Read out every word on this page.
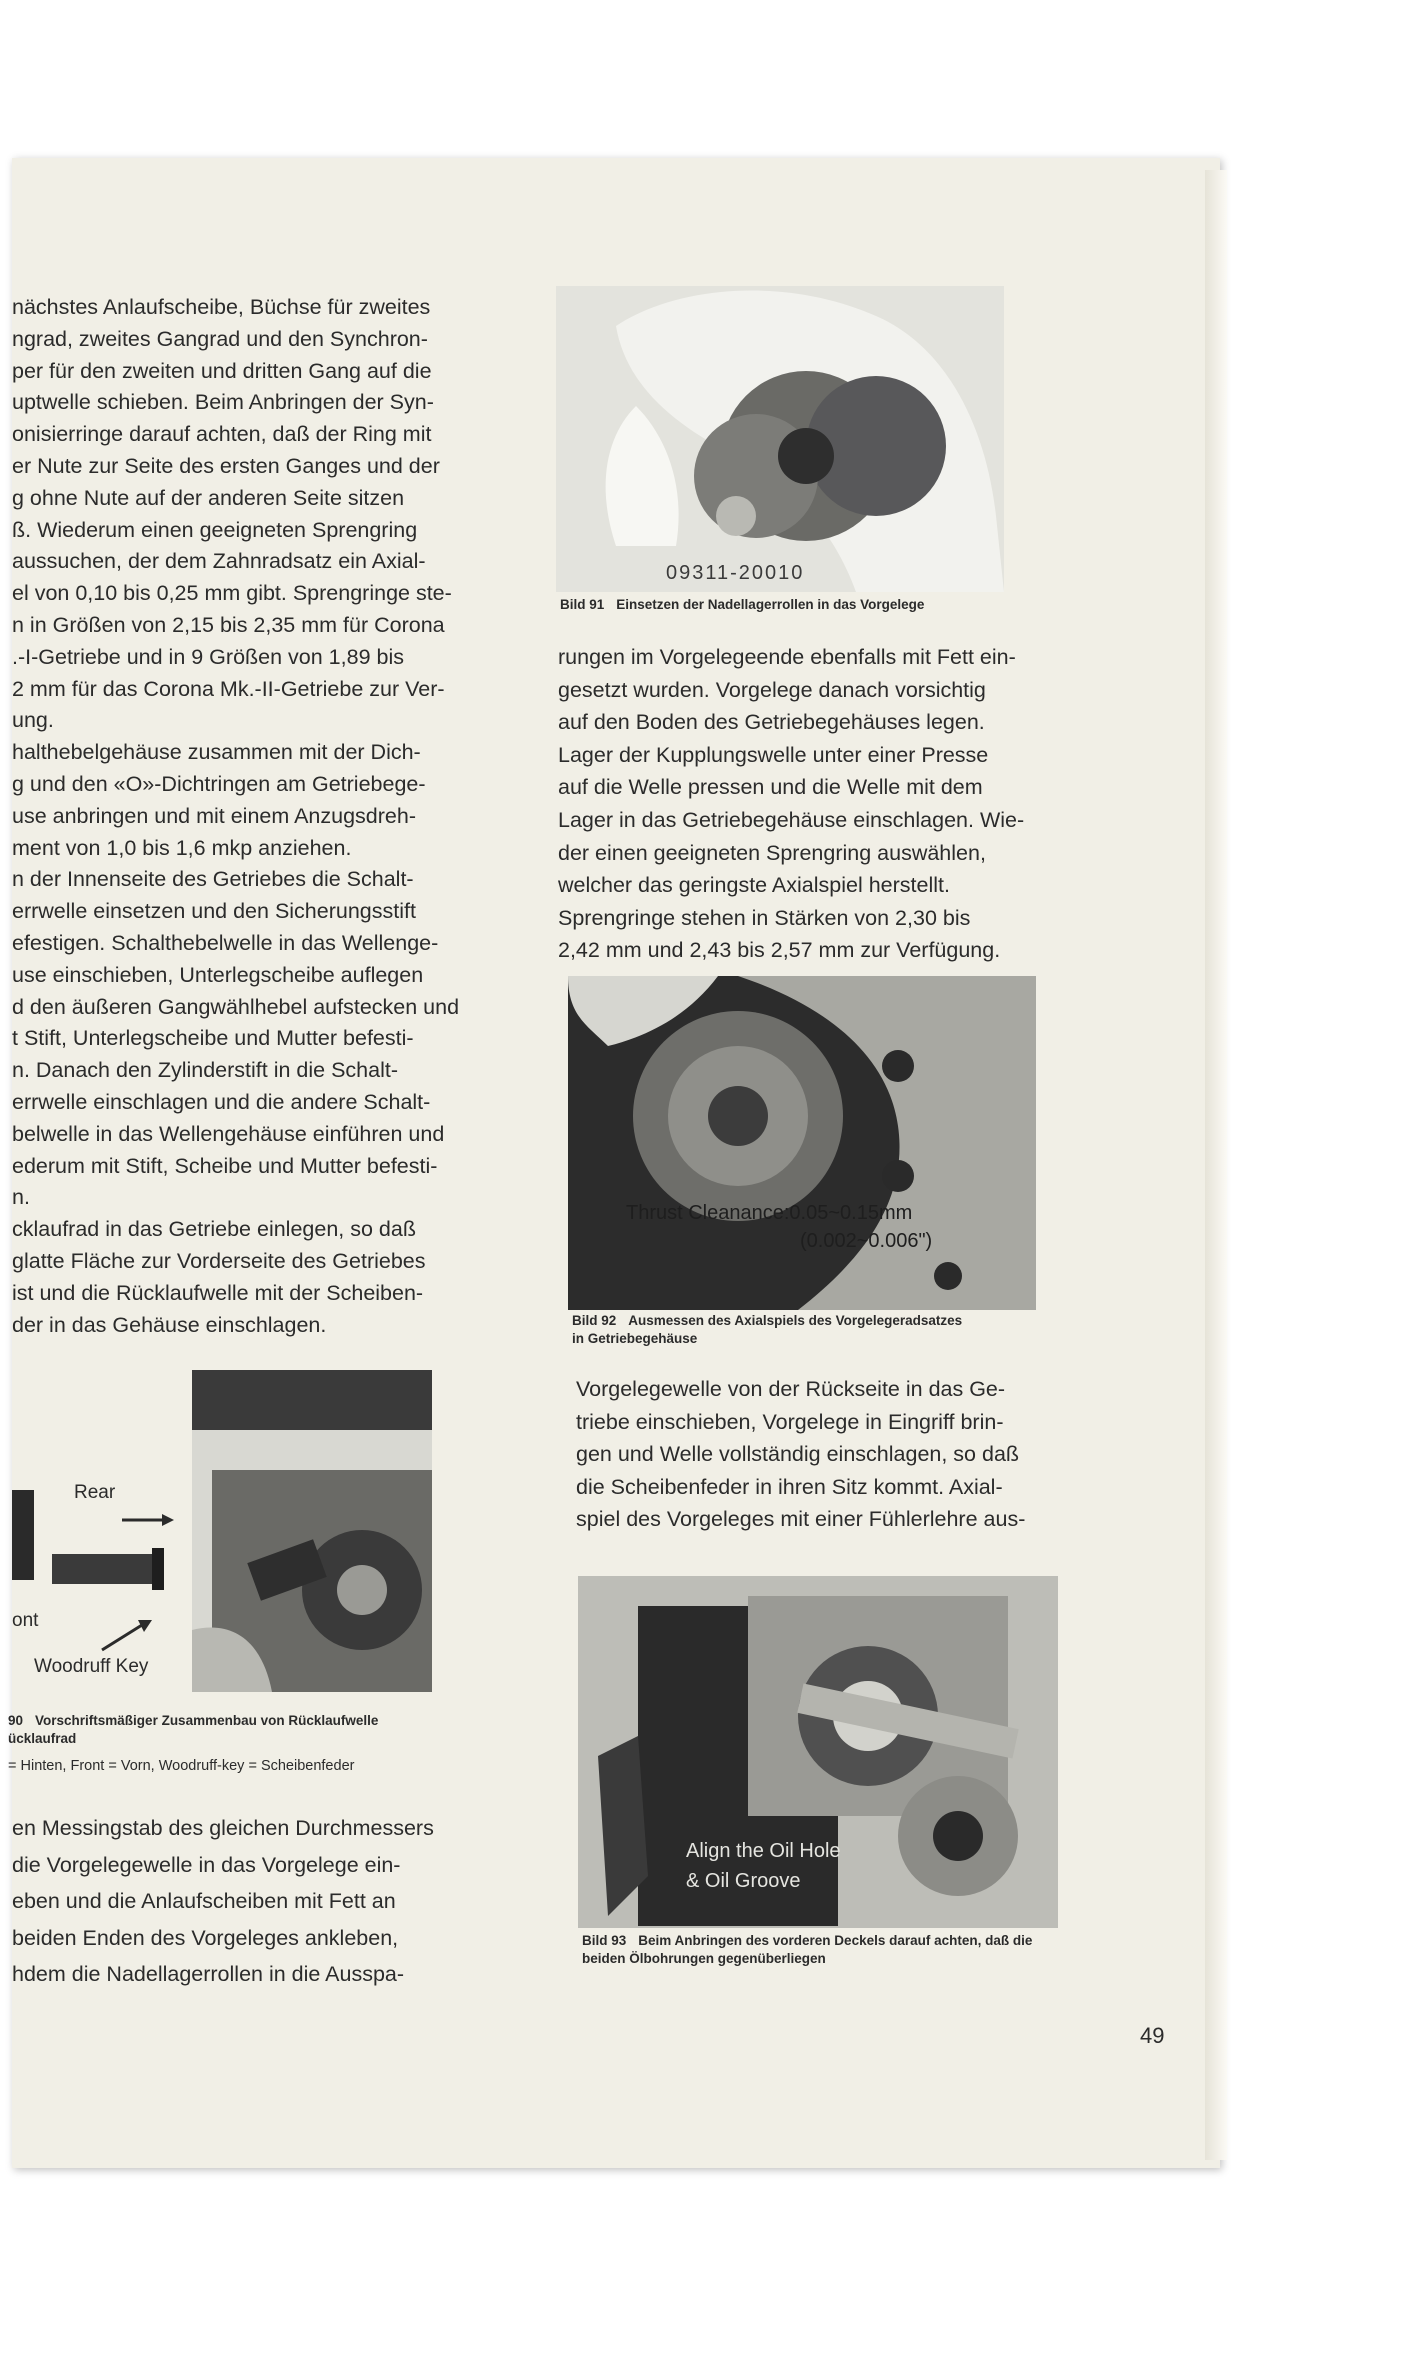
nächstes Anlaufscheibe, Büchse für zweites

ngrad, zweites Gangrad und den Synchron-

per für den zweiten und dritten Gang auf die

uptwelle schieben. Beim Anbringen der Syn-

onisierringe darauf achten, daß der Ring mit

er Nute zur Seite des ersten Ganges und der

g ohne Nute auf der anderen Seite sitzen

ß. Wiederum einen geeigneten Sprengring

aussuchen, der dem Zahnradsatz ein Axial-

el von 0,10 bis 0,25 mm gibt. Sprengringe ste-

n in Größen von 2,15 bis 2,35 mm für Corona

.-I-Getriebe und in 9 Größen von 1,89 bis

2 mm für das Corona Mk.-II-Getriebe zur Ver-

ung.

halthebelgehäuse zusammen mit der Dich-

g und den «O»-Dichtringen am Getriebege-

use anbringen und mit einem Anzugsdreh-

ment von 1,0 bis 1,6 mkp anziehen.

n der Innenseite des Getriebes die Schalt-

errwelle einsetzen und den Sicherungsstift

efestigen. Schalthebelwelle in das Wellenge-

use einschieben, Unterlegscheibe auflegen

d den äußeren Gangwählhebel aufstecken und

t Stift, Unterlegscheibe und Mutter befesti-

n. Danach den Zylinderstift in die Schalt-

errwelle einschlagen und die andere Schalt-

belwelle in das Wellengehäuse einführen und

ederum mit Stift, Scheibe und Mutter befesti-

n.

cklaufrad in das Getriebe einlegen, so daß

glatte Fläche zur Vorderseite des Getriebes

ist und die Rücklaufwelle mit der Scheiben-

der in das Gehäuse einschlagen.

09311-20010
Bild 91 Einsetzen der Nadellagerrollen in das Vorgelege

rungen im Vorgelegeende ebenfalls mit Fett ein-

gesetzt wurden. Vorgelege danach vorsichtig

auf den Boden des Getriebegehäuses legen.

Lager der Kupplungswelle unter einer Presse

auf die Welle pressen und die Welle mit dem

Lager in das Getriebegehäuse einschlagen. Wie-

der einen geeigneten Sprengring auswählen,

welcher das geringste Axialspiel herstellt.

Sprengringe stehen in Stärken von 2,30 bis

2,42 mm und 2,43 bis 2,57 mm zur Verfügung.

Thrust Cleanance:0.05~0.15mm
(0.002~0.006")
Bild 92 Ausmessen des Axialspiels des Vorgelegeradsatzes
in Getriebegehäuse

Vorgelegewelle von der Rückseite in das Ge-

triebe einschieben, Vorgelege in Eingriff brin-

gen und Welle vollständig einschlagen, so daß

die Scheibenfeder in ihren Sitz kommt. Axial-

spiel des Vorgeleges mit einer Fühlerlehre aus-

Align the Oil Hole
& Oil Groove
Bild 93 Beim Anbringen des vorderen Deckels darauf achten, daß die
beiden Ölbohrungen gegenüberliegen
Rear
ont
Woodruff Key
90 Vorschriftsmäßiger Zusammenbau von Rücklaufwelle
ücklaufrad
= Hinten, Front = Vorn, Woodruff-key = Scheibenfeder

en Messingstab des gleichen Durchmessers

die Vorgelegewelle in das Vorgelege ein-

eben und die Anlaufscheiben mit Fett an

beiden Enden des Vorgeleges ankleben,

hdem die Nadellagerrollen in die Ausspa-

49
